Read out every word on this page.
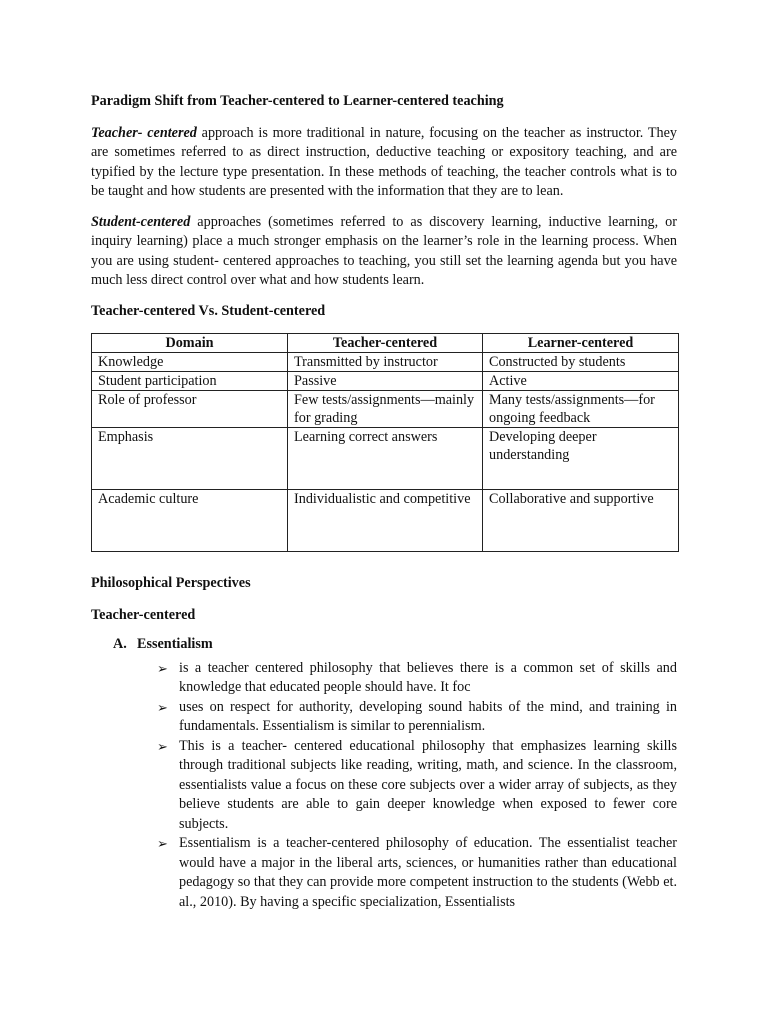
Paradigm Shift from Teacher-centered to Learner-centered teaching

Teacher- centered approach is more traditional in nature, focusing on the teacher as instructor. They are sometimes referred to as direct instruction, deductive teaching or expository teaching, and are typified by the lecture type presentation. In these methods of teaching, the teacher controls what is to be taught and how students are presented with the information that they are to lean.

Student-centered approaches (sometimes referred to as discovery learning, inductive learning, or inquiry learning) place a much stronger emphasis on the learner’s role in the learning process. When you are using student- centered approaches to teaching, you still set the learning agenda but you have much less direct control over what and how students learn.

Teacher-centered Vs. Student-centered
Domain	Teacher-centered	Learner-centered
Knowledge	Transmitted by instructor	Constructed by students
Student participation	Passive	Active
Role of professor	Few tests/assignments—mainly for grading	Many tests/assignments—for ongoing feedback
Emphasis	Learning correct answers	Developing deeper understanding
Academic culture	Individualistic and competitive	Collaborative and supportive
Philosophical Perspectives
Teacher-centered
A. Essentialism
➢ is a teacher centered philosophy that believes there is a common set of skills and knowledge that educated people should have. It foc
➢ uses on respect for authority, developing sound habits of the mind, and training in fundamentals. Essentialism is similar to perennialism.
➢ This is a teacher- centered educational philosophy that emphasizes learning skills through traditional subjects like reading, writing, math, and science. In the classroom, essentialists value a focus on these core subjects over a wider array of subjects, as they believe students are able to gain deeper knowledge when exposed to fewer core subjects.
➢ Essentialism is a teacher-centered philosophy of education. The essentialist teacher would have a major in the liberal arts, sciences, or humanities rather than educational pedagogy so that they can provide more competent instruction to the students (Webb et. al., 2010). By having a specific specialization, Essentialists
